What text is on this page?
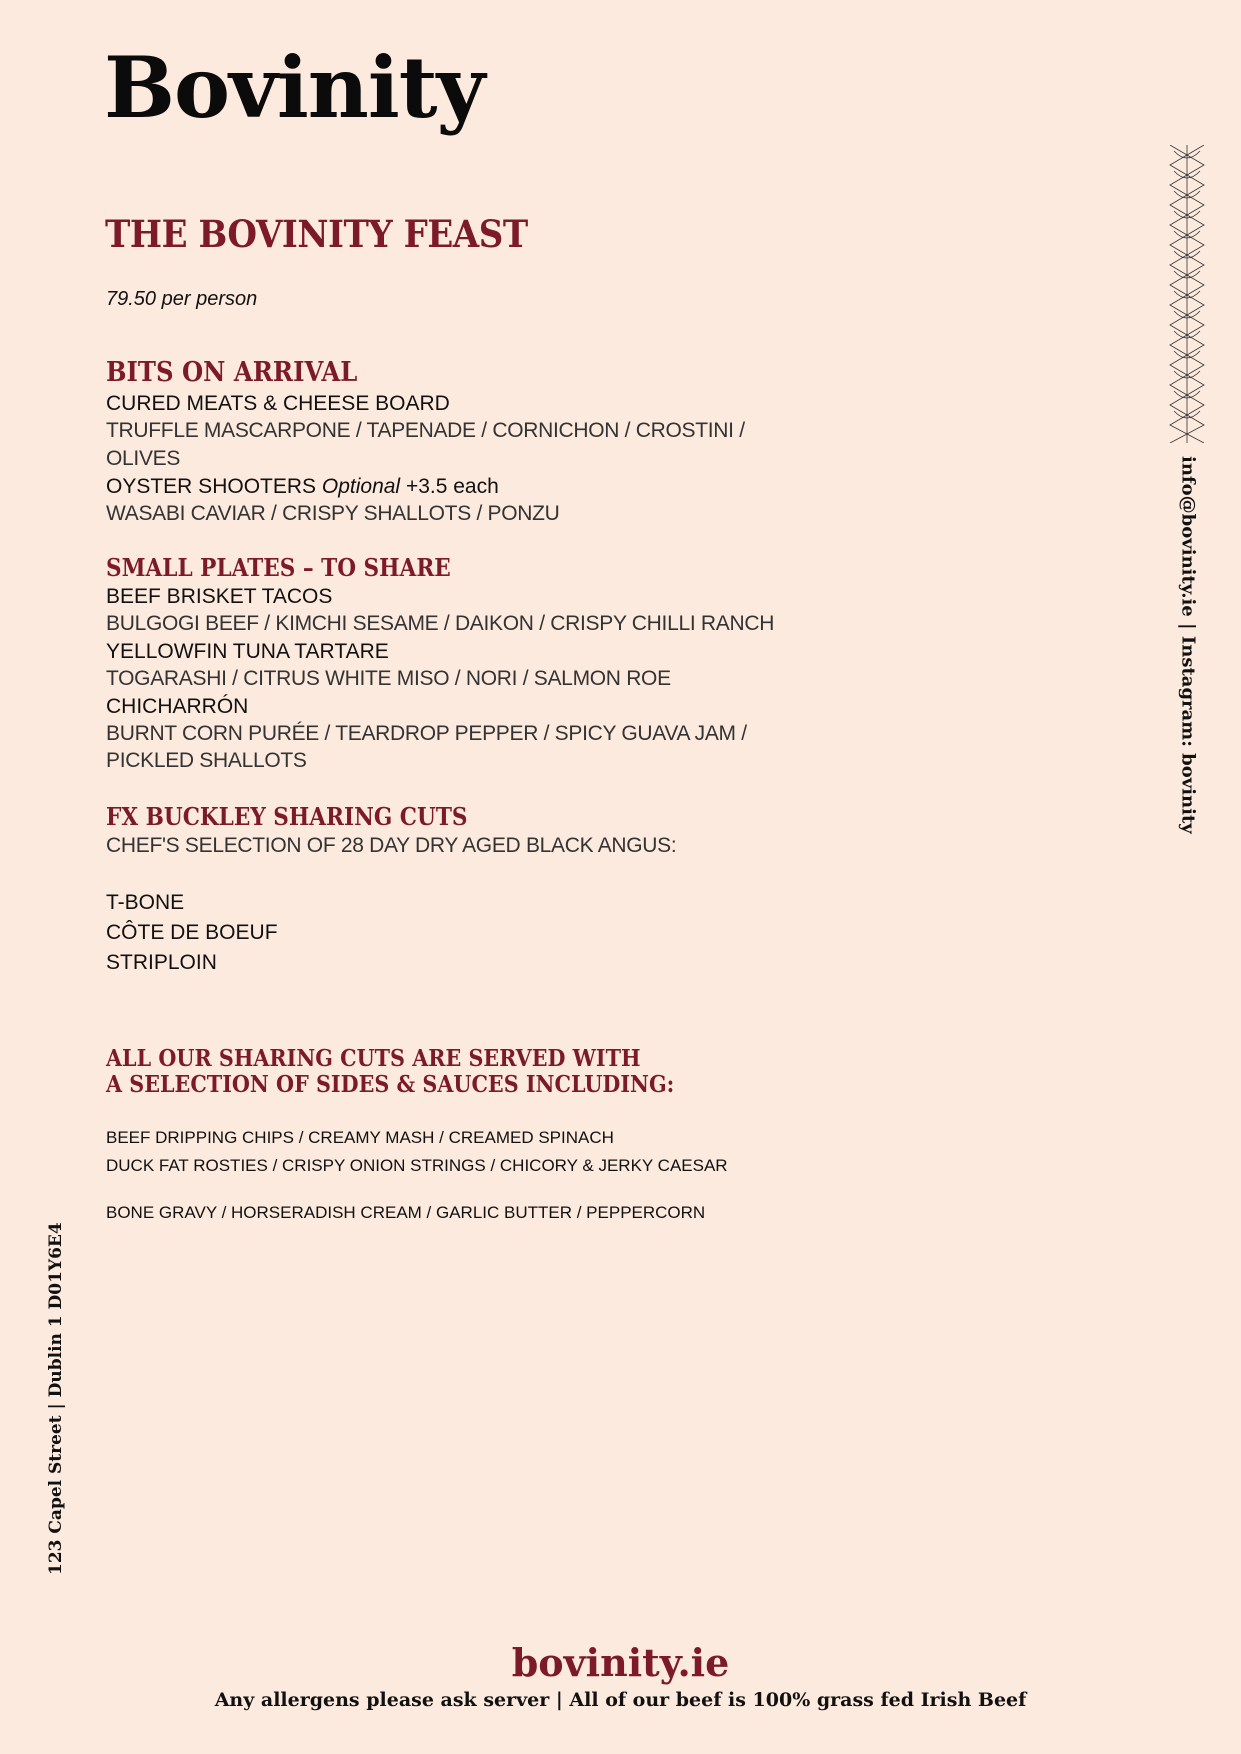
Bovinity
THE BOVINITY FEAST
79.50 per person
BITS ON ARRIVAL
CURED MEATS & CHEESE BOARD
TRUFFLE MASCARPONE / TAPENADE / CORNICHON / CROSTINI /
OLIVES
OYSTER SHOOTERS Optional +3.5 each
WASABI CAVIAR / CRISPY SHALLOTS / PONZU
SMALL PLATES – TO SHARE
BEEF BRISKET TACOS
BULGOGI BEEF / KIMCHI SESAME / DAIKON / CRISPY CHILLI RANCH
YELLOWFIN TUNA TARTARE
TOGARASHI / CITRUS WHITE MISO / NORI / SALMON ROE
CHICHARRÓN
BURNT CORN PURÉE / TEARDROP PEPPER / SPICY GUAVA JAM /
PICKLED SHALLOTS
FX BUCKLEY SHARING CUTS
CHEF'S SELECTION OF 28 DAY DRY AGED BLACK ANGUS:
T-BONE
CÔTE DE BOEUF
STRIPLOIN
ALL OUR SHARING CUTS ARE SERVED WITH
A SELECTION OF SIDES & SAUCES INCLUDING:
BEEF DRIPPING CHIPS / CREAMY MASH / CREAMED SPINACH
DUCK FAT ROSTIES / CRISPY ONION STRINGS / CHICORY & JERKY CAESAR
BONE GRAVY / HORSERADISH CREAM / GARLIC BUTTER / PEPPERCORN
info@bovinity.ie | Instagram: bovinity
123 Capel Street | Dublin 1 D01Y6E4
bovinity.ie
Any allergens please ask server | All of our beef is 100% grass fed Irish Beef
